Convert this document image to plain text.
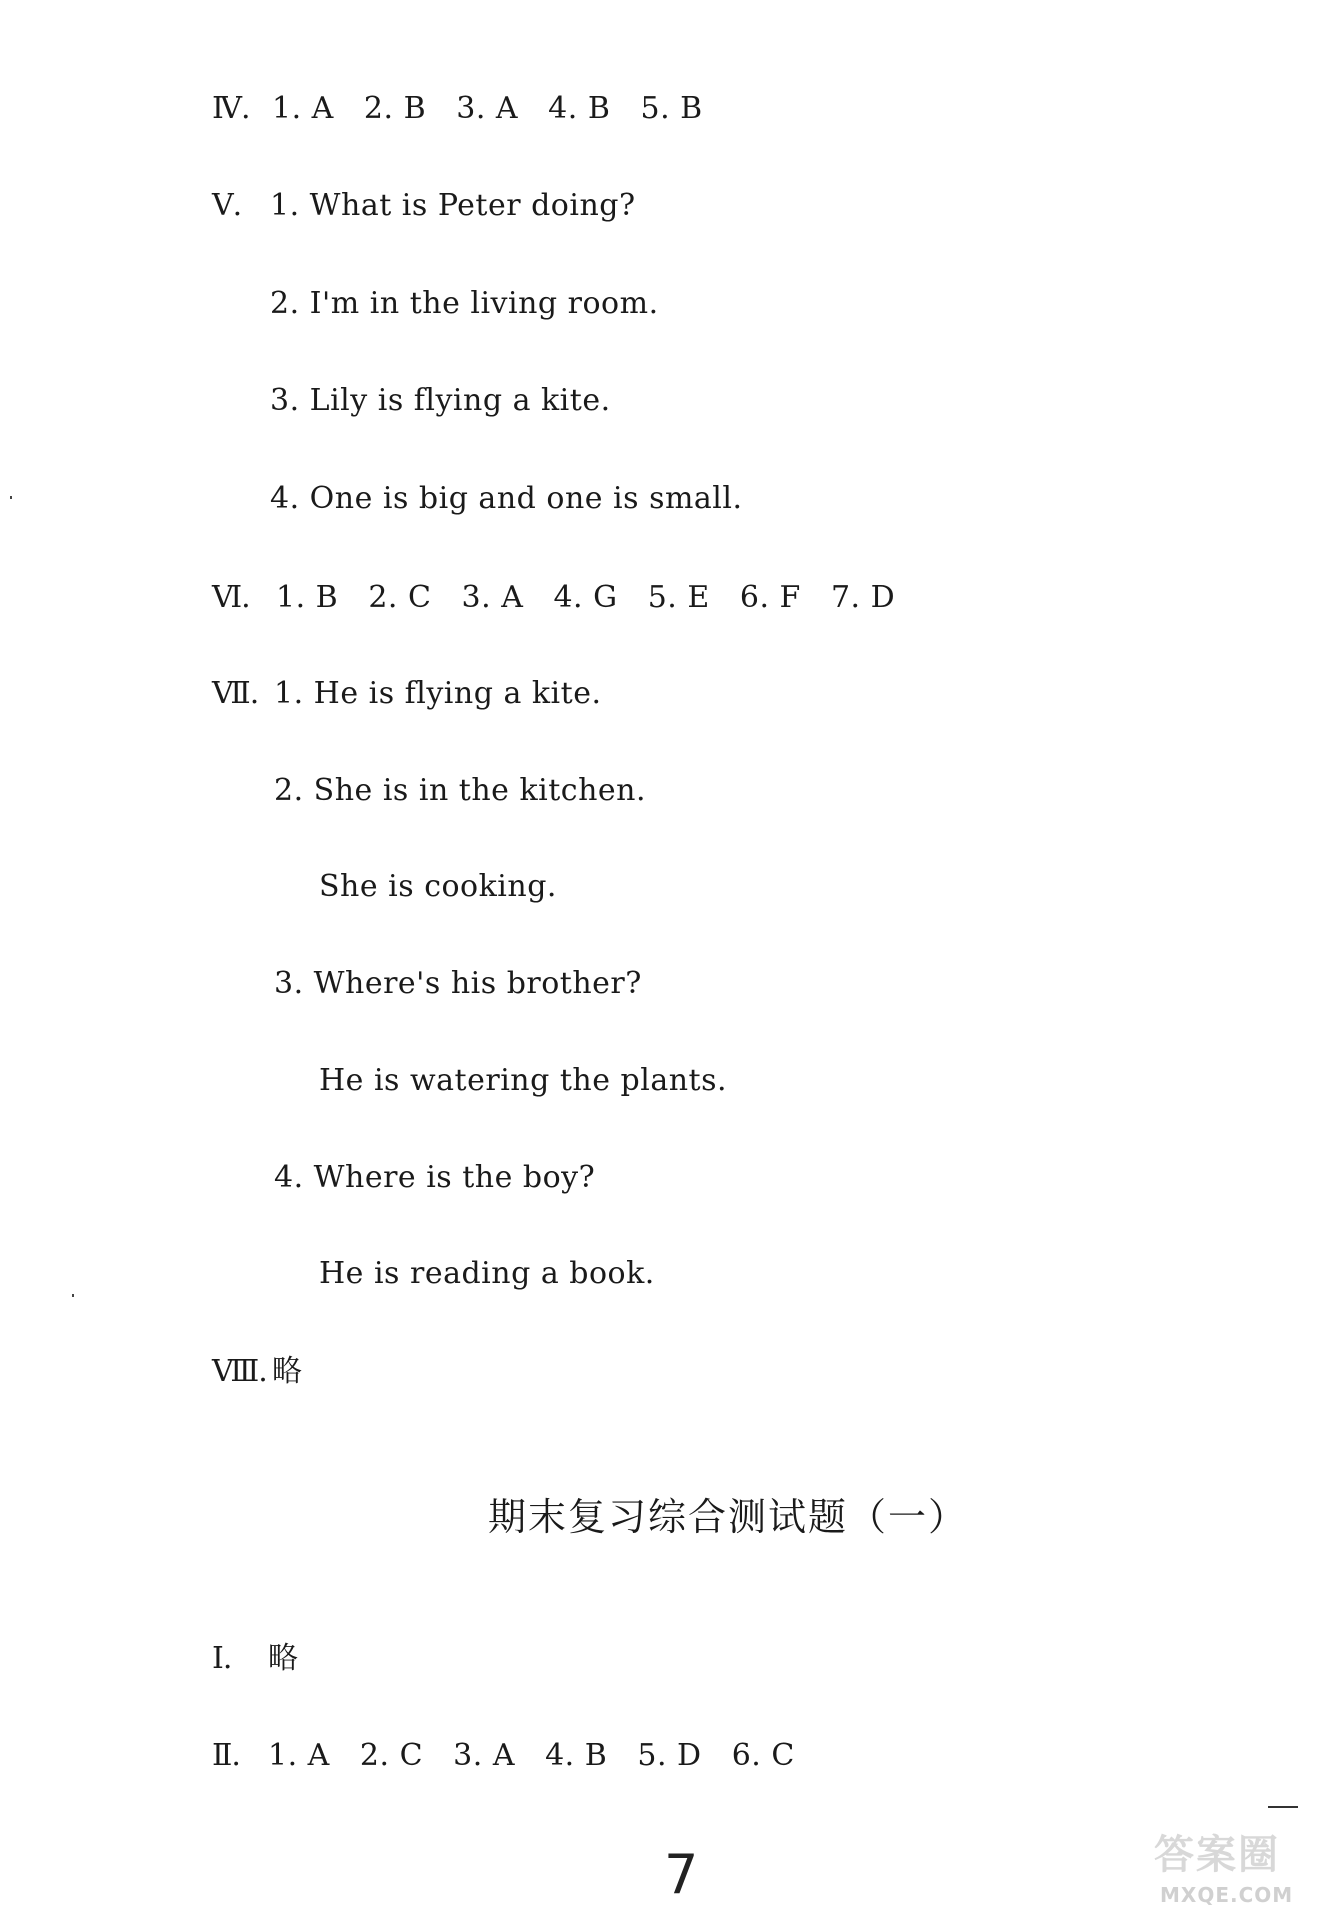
Ⅳ. 1. A   2. B   3. A   4. B   5. B
Ⅴ. 1. What is Peter doing?
2. I'm in the living room.
3. Lily is flying a kite.
4. One is big and one is small.
Ⅵ. 1. B   2. C   3. A   4. G   5. E   6. F   7. D
Ⅶ. 1. He is flying a kite.
2. She is in the kitchen.
She is cooking.
3. Where's his brother?
He is watering the plants.
4. Where is the boy?
He is reading a book.
Ⅷ. 略
期末复习综合测试题（一）
Ⅰ. 略
Ⅱ. 1. A   2. C   3. A   4. B   5. D   6. C
7	答案圈
MXQE.COM
